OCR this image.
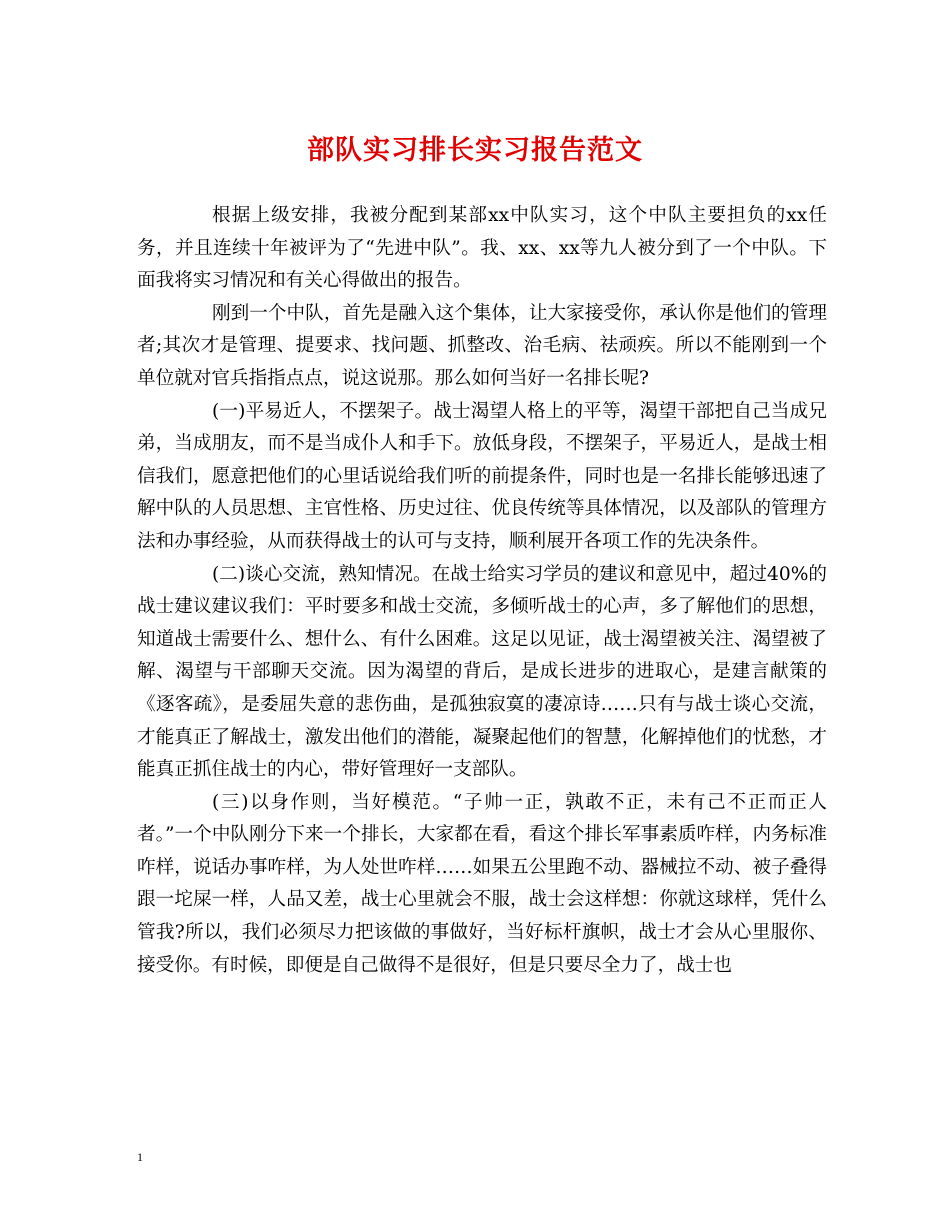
部队实习排长实习报告范文

根据上级安排，我被分配到某部xx中队实习，这个中队主要担负的xx任务，并且连续十年被评为了“先进中队”。我、xx、xx等九人被分到了一个中队。下面我将实习情况和有关心得做出的报告。

刚到一个中队，首先是融入这个集体，让大家接受你，承认你是他们的管理者;其次才是管理、提要求、找问题、抓整改、治毛病、祛顽疾。所以不能刚到一个单位就对官兵指指点点，说这说那。那么如何当好一名排长呢?

(一)平易近人，不摆架子。战士渴望人格上的平等，渴望干部把自己当成兄弟，当成朋友，而不是当成仆人和手下。放低身段，不摆架子，平易近人，是战士相信我们，愿意把他们的心里话说给我们听的前提条件，同时也是一名排长能够迅速了解中队的人员思想、主官性格、历史过往、优良传统等具体情况，以及部队的管理方法和办事经验，从而获得战士的认可与支持，顺利展开各项工作的先决条件。

(二)谈心交流，熟知情况。在战士给实习学员的建议和意见中，超过40%的战士建议建议我们：平时要多和战士交流，多倾听战士的心声，多了解他们的思想，知道战士需要什么、想什么、有什么困难。这足以见证，战士渴望被关注、渴望被了解、渴望与干部聊天交流。因为渴望的背后，是成长进步的进取心，是建言献策的《逐客疏》，是委屈失意的悲伤曲，是孤独寂寞的凄凉诗……只有与战士谈心交流，才能真正了解战士，激发出他们的潜能，凝聚起他们的智慧，化解掉他们的忧愁，才能真正抓住战士的内心，带好管理好一支部队。

(三)以身作则，当好模范。“子帅一正，孰敢不正，未有己不正而正人者。”一个中队刚分下来一个排长，大家都在看，看这个排长军事素质咋样，内务标准咋样，说话办事咋样，为人处世咋样……如果五公里跑不动、器械拉不动、被子叠得跟一坨屎一样，人品又差，战士心里就会不服，战士会这样想：你就这球样，凭什么管我?所以，我们必须尽力把该做的事做好，当好标杆旗帜，战士才会从心里服你、接受你。有时候，即便是自己做得不是很好，但是只要尽全力了，战士也

1
